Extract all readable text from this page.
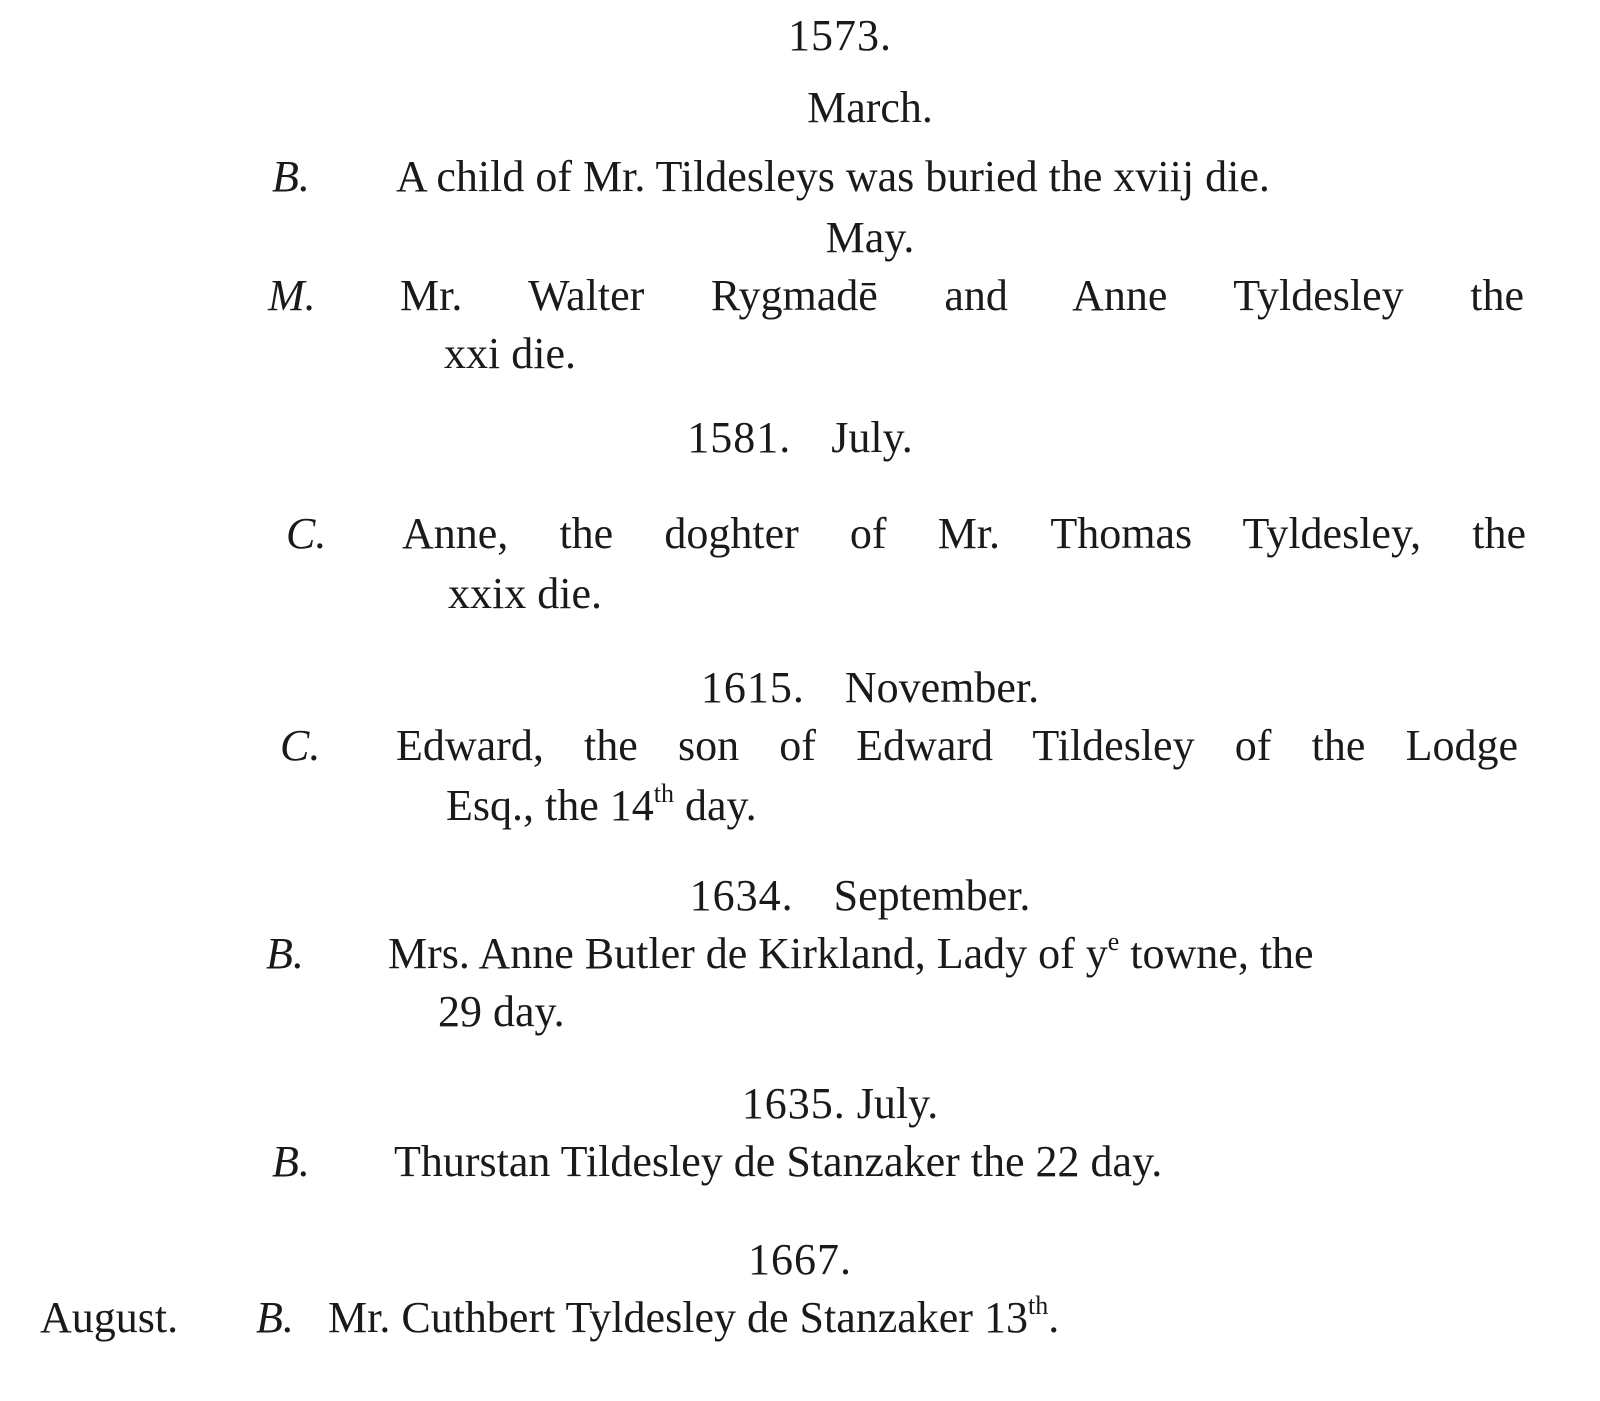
1573.
March.
B. A child of Mr. Tildesleys was buried the xviij die.
May.
M. Mr. Walter Rygmadē and Anne Tyldesley the
xxi die.
1581. July.
C. Anne, the doghter of Mr. Thomas Tyldesley, the
xxix die.
1615. November.
C. Edward, the son of Edward Tildesley of the Lodge
Esq., the 14th day.
1634. September.
B. Mrs. Anne Butler de Kirkland, Lady of $y^e$ towne, the
29 day.
1635. July.
B. Thurstan Tildesley de Stanzaker the 22 day.
1667.
August. B. Mr. Cuthbert Tyldesley de Stanzaker 13th.
